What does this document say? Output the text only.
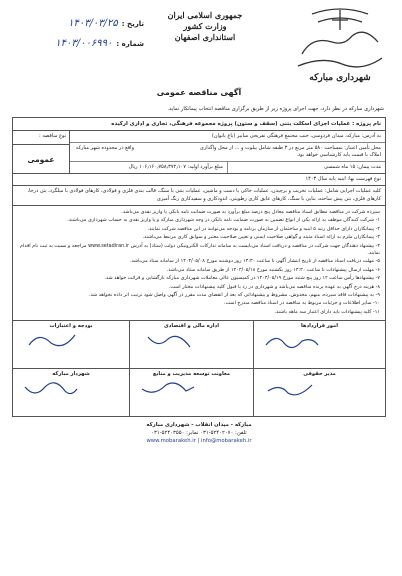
تاریخ :
۱۴۰۳/۰۳/۲۵
شماره :
۱۴۰۳/۰۰۶۹۹۰
جمهوری اسلامی ایران
وزارت کشور
استانداری اصفهان
شهرداری مبارکه
آگهی مناقصه عمومی
شهرداری مبارکه در نظر دارد، جهت اجرای پروژه زیر از طریق برگزاری مناقصه انتخاب پیمانکار نماید.
نام پروژه : عملیات اجرای اسکلت بتنی (سقف و ستون) پروژه مجموعه فرهنگی، تجاری و اداری ارکیده
به آدرس: مبارکه، میدان فردوسی، جنب مجتمع فرهنگی تفریحی سانیز (باغ بانوان)
محل تأمین اعتبار: بمساحت ۵۸۰ متر مربع در ۳ طبقه شامل پیلوت و ... از محل واگذاری
املاک با قیمت پایه کارشناسی خواهد بود.
واقع در محدوده شهر مبارکه
مدت پیمان: ۱۵ ماه شمسی
مبلغ برآورد اولیه: ۱۰۶٫۱۶۰٫۷۵۸٫۳۷۲٫۱۰۷ ریال
نوع مناقصه :
عمومی
نوع فهرست بها: ابنیه پایه سال ۱۴۰۳
کلیه عملیات اجرایی شامل: عملیات تخریب و برچیدن، عملیات خاکی با دست و ماشین، عملیات بتنی با سنگ، قالب بندی فلزی و فولادی، کارهای فولادی با میلگرد، بتن درجا، کارهای فلزی، بتن پیش ساخته، بنایی با سنگ، کارهای عایق کاری رطوبتی، اندودکاری و سفیدکاری رنگ آمیزی

سپرده شرکت در مناقصه مطابق اسناد مناقصه معادل پنج درصد مبلغ برآورد به صورت ضمانت نامه بانکی یا واریز نقدی می‌باشد.

۱- شرکت کنندگان موظف به ارائه یکی از انواع تضمین به صورت ضمانت نامه بانکی در وجه شهرداری مبارکه و یا واریز نقدی به حساب شهرداری می‌باشند.

۲- پیمانکاران دارای حداقل رتبه ۵ ابنیه و ساختمان از سازمان برنامه و بودجه می‌توانند در این مناقصه شرکت نمایند.

۳- پیمانکاران ملزم به ارائه اسناد مثبته و گواهی صلاحیت ایمنی و تعیین صلاحیت معتبر و سوابق کاری مرتبط می‌باشند.

۴- پیشنهاد دهندگان جهت شرکت در مناقصه و دریافت اسناد می‌بایست به سامانه تدارکات الکترونیکی دولت (ستاد) به آدرس www.setadiran.ir مراجعه و نسبت به ثبت نام اقدام نمایند.

۵- مهلت دریافت اسناد مناقصه از تاریخ انتشار آگهی تا ساعت ۱۴:۳۰ روز دوشنبه مورخ ۱۴۰۳/۰۵/۰۸ از سامانه ستاد می‌باشد.

۶- مهلت ارسال پیشنهادات تا ساعت ۱۴:۳۰ روز یکشنبه مورخ ۱۴۰۳/۰۵/۱۸ از طریق سامانه ستاد می‌باشد.

۷- پیشنهادها رأس ساعت ۱۲ روز پنج شنبه مورخ ۱۴۰۳/۰۵/۱۹ در کمیسیون عالی معاملات شهرداری مبارکه بازگشایی و قرائت خواهد شد.

۸- هزینه درج آگهی به عهده برنده مناقصه می‌باشد و شهرداری در رد یا قبول کلیه پیشنهادات مختار است.

۹- به پیشنهادات فاقد سپرده، مبهم، مخدوش، مشروط و پیشنهاداتی که بعد از انقضای مدت مقرر در آگهی واصل شود ترتیب اثر داده نخواهد شد.

۱۰- سایر اطلاعات و جزئیات مربوط به مناقصه در اسناد مناقصه مندرج است.

۱۱- کلیه پیشنهادات باید دارای اعتبار سه ماهه باشند.

امور قراردادها
مدیر حقوقی
اداره مالی و اقتصادی
معاونت توسعه مدیریت و منابع
بودجه و اعتبارات
شهردار مبارکه
مبارکه - میدان انقلاب - شهرداری مبارکه
تلفن: ۵۲۴۰۲۰۷۰-۰۳۱ نمابر: ۵۲۴۰۳۵۵۰-۰۳۱
www.mobarakeh.ir | info@mobarakeh.ir
